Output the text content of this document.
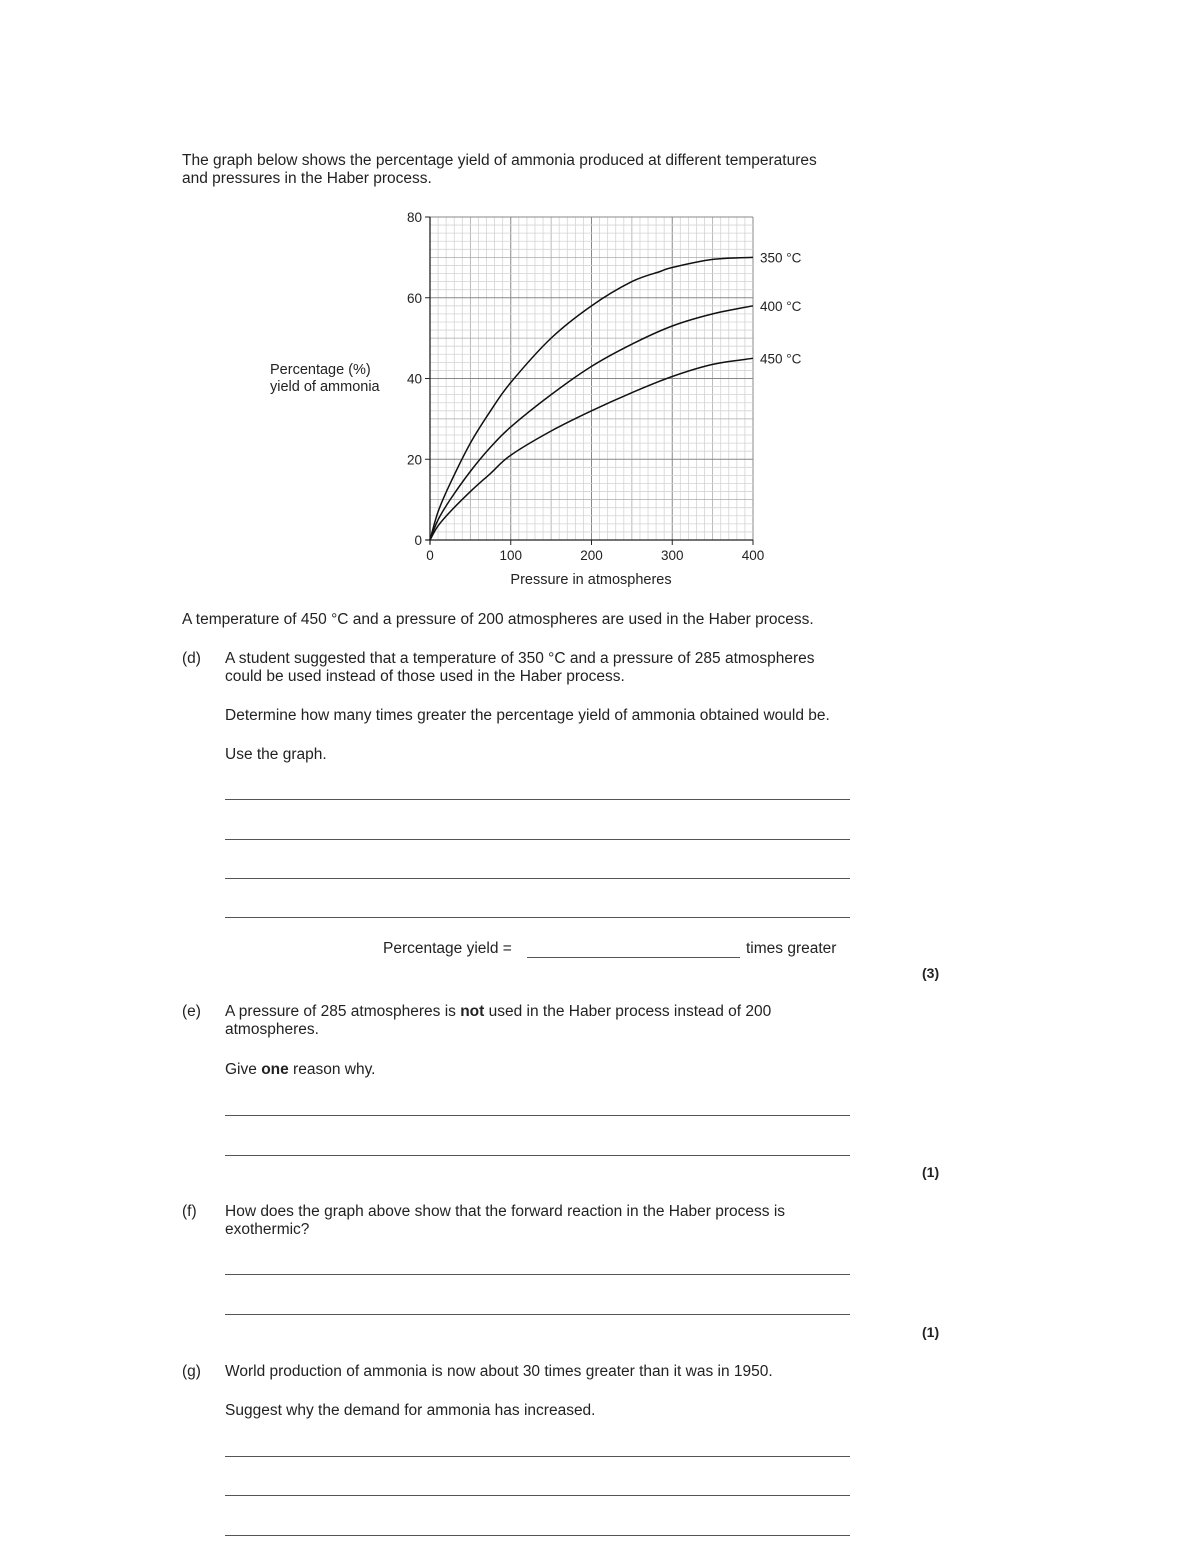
The graph below shows the percentage yield of ammonia produced at different temperatures

and pressures in the Haber process.

0
20
40
60
80
0	100	200	300	400
350 °C
400 °C
450 °C
Percentage (%)
yield of ammonia
Pressure in atmospheres

A temperature of 450 °C and a pressure of 200 atmospheres are used in the Haber process.

(d) A student suggested that a temperature of 350 °C and a pressure of 285 atmospheres

could be used instead of those used in the Haber process.

Determine how many times greater the percentage yield of ammonia obtained would be.

Use the graph.

Percentage yield =	times greater
(3)
(e) A pressure of 285 atmospheres is not used in the Haber process instead of 200

atmospheres.

Give one reason why.

(1)
(f) How does the graph above show that the forward reaction in the Haber process is

exothermic?

(1)
(g) World production of ammonia is now about 30 times greater than it was in 1950.

Suggest why the demand for ammonia has increased.
